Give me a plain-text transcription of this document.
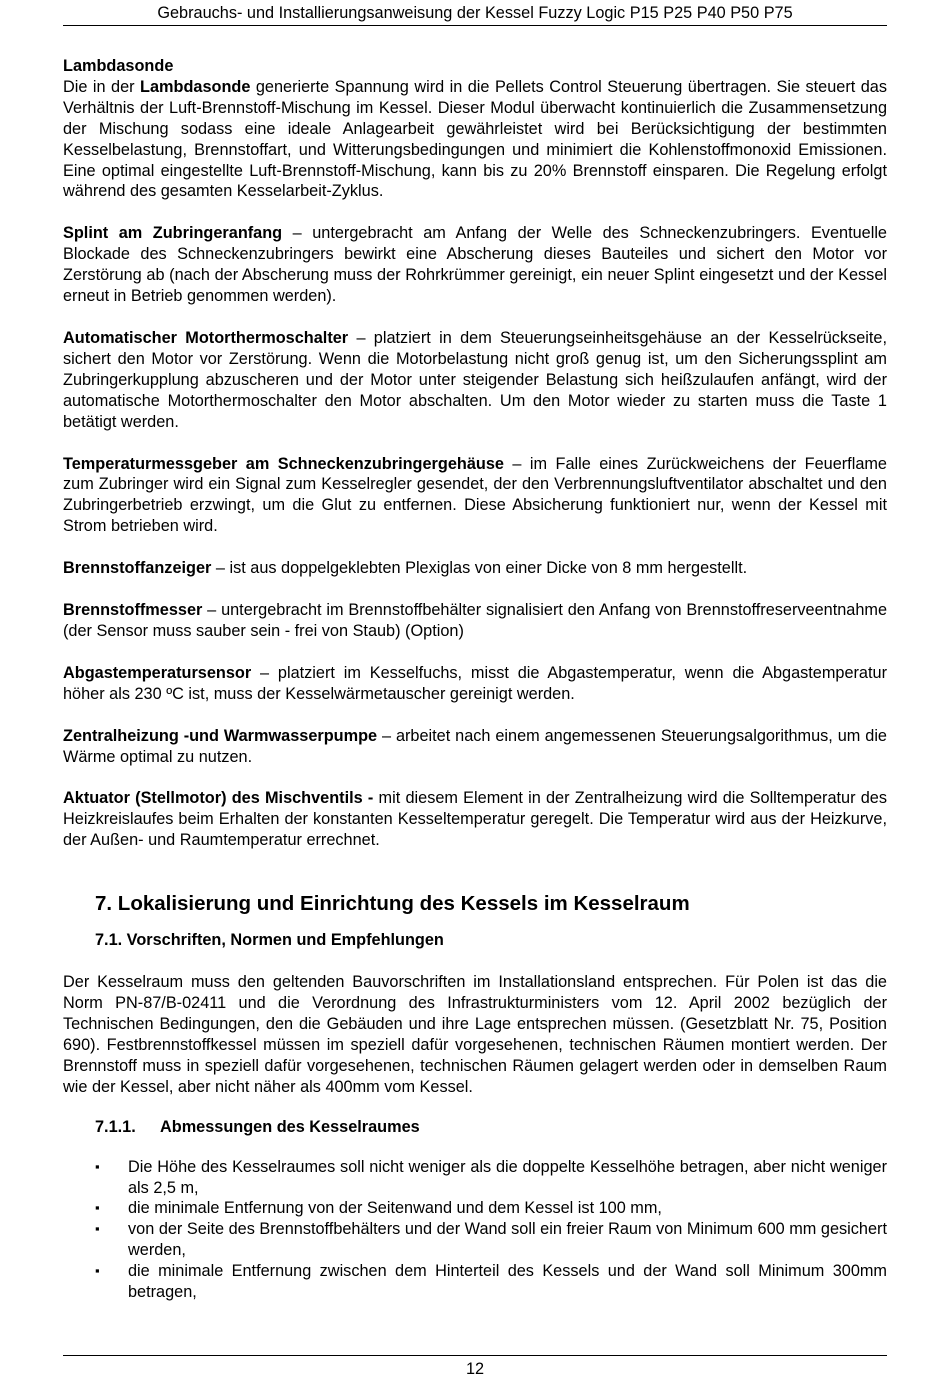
Gebrauchs- und Installierungsanweisung der Kessel Fuzzy Logic P15 P25 P40 P50 P75

Lambdasonde
Die in der Lambdasonde generierte Spannung wird in die Pellets Control Steuerung übertragen. Sie steuert das Verhältnis der Luft-Brennstoff-Mischung im Kessel. Dieser Modul überwacht kontinuierlich die Zusammensetzung der Mischung sodass eine ideale Anlagearbeit gewährleistet wird bei Berücksichtigung der bestimmten Kesselbelastung, Brennstoffart, und Witterungsbedingungen und minimiert die Kohlenstoffmonoxid Emissionen. Eine optimal eingestellte Luft-Brennstoff-Mischung, kann bis zu 20% Brennstoff einsparen. Die Regelung erfolgt während des gesamten Kesselarbeit-Zyklus.

Splint am Zubringeranfang – untergebracht am Anfang der Welle des Schneckenzubringers. Eventuelle Blockade des Schneckenzubringers bewirkt eine Abscherung dieses Bauteiles und sichert den Motor vor Zerstörung ab (nach der Abscherung muss der Rohrkrümmer gereinigt, ein neuer Splint eingesetzt und der Kessel erneut in Betrieb genommen werden).

Automatischer Motorthermoschalter – platziert in dem Steuerungseinheitsgehäuse an der Kesselrückseite, sichert den Motor vor Zerstörung. Wenn die Motorbelastung nicht groß genug ist, um den Sicherungssplint am Zubringerkupplung abzuscheren und der Motor unter steigender Belastung sich heißzulaufen anfängt, wird der automatische Motorthermoschalter den Motor abschalten. Um den Motor wieder zu starten muss die Taste 1 betätigt werden.

Temperaturmessgeber am Schneckenzubringergehäuse – im Falle eines Zurückweichens der Feuerflame zum Zubringer wird ein Signal zum Kesselregler gesendet, der den Verbrennungsluftventilator abschaltet und den Zubringerbetrieb erzwingt, um die Glut zu entfernen. Diese Absicherung funktioniert nur, wenn der Kessel mit Strom betrieben wird.

Brennstoffanzeiger – ist aus doppelgeklebten Plexiglas von einer Dicke von 8 mm hergestellt.

Brennstoffmesser – untergebracht im Brennstoffbehälter signalisiert den Anfang von Brennstoffreserveentnahme (der Sensor muss sauber sein - frei von Staub) (Option)

Abgastemperatursensor – platziert im Kesselfuchs, misst die Abgastemperatur, wenn die Abgastemperatur höher als 230 ºC ist, muss der Kesselwärmetauscher gereinigt werden.

Zentralheizung -und Warmwasserpumpe – arbeitet nach einem angemessenen Steuerungsalgorithmus, um die Wärme optimal zu nutzen.

Aktuator (Stellmotor) des Mischventils - mit diesem Element in der Zentralheizung wird die Solltemperatur des Heizkreislaufes beim Erhalten der konstanten Kesseltemperatur geregelt. Die Temperatur wird aus der Heizkurve, der Außen- und Raumtemperatur errechnet.

7. Lokalisierung und Einrichtung des Kessels im Kesselraum
7.1. Vorschriften, Normen und Empfehlungen

Der Kesselraum muss den geltenden Bauvorschriften im Installationsland entsprechen. Für Polen ist das die Norm PN-87/B-02411 und die Verordnung des Infrastrukturministers vom 12. April 2002 bezüglich der Technischen Bedingungen, den die Gebäuden und ihre Lage entsprechen müssen. (Gesetzblatt Nr. 75, Position 690). Festbrennstoffkessel müssen im speziell dafür vorgesehenen, technischen Räumen montiert werden. Der Brennstoff muss in speziell dafür vorgesehenen, technischen Räumen gelagert werden oder in demselben Raum wie der Kessel, aber nicht näher als 400mm vom Kessel.

7.1.1.	Abmessungen des Kesselraumes
▪ Die Höhe des Kesselraumes soll nicht weniger als die doppelte Kesselhöhe betragen, aber nicht weniger als 2,5 m,
▪ die minimale Entfernung von der Seitenwand und dem Kessel ist 100 mm,
▪ von der Seite des Brennstoffbehälters und der Wand soll ein freier Raum von Minimum 600 mm gesichert werden,
▪ die minimale Entfernung zwischen dem Hinterteil des Kessels und der Wand soll Minimum 300mm betragen,
12
